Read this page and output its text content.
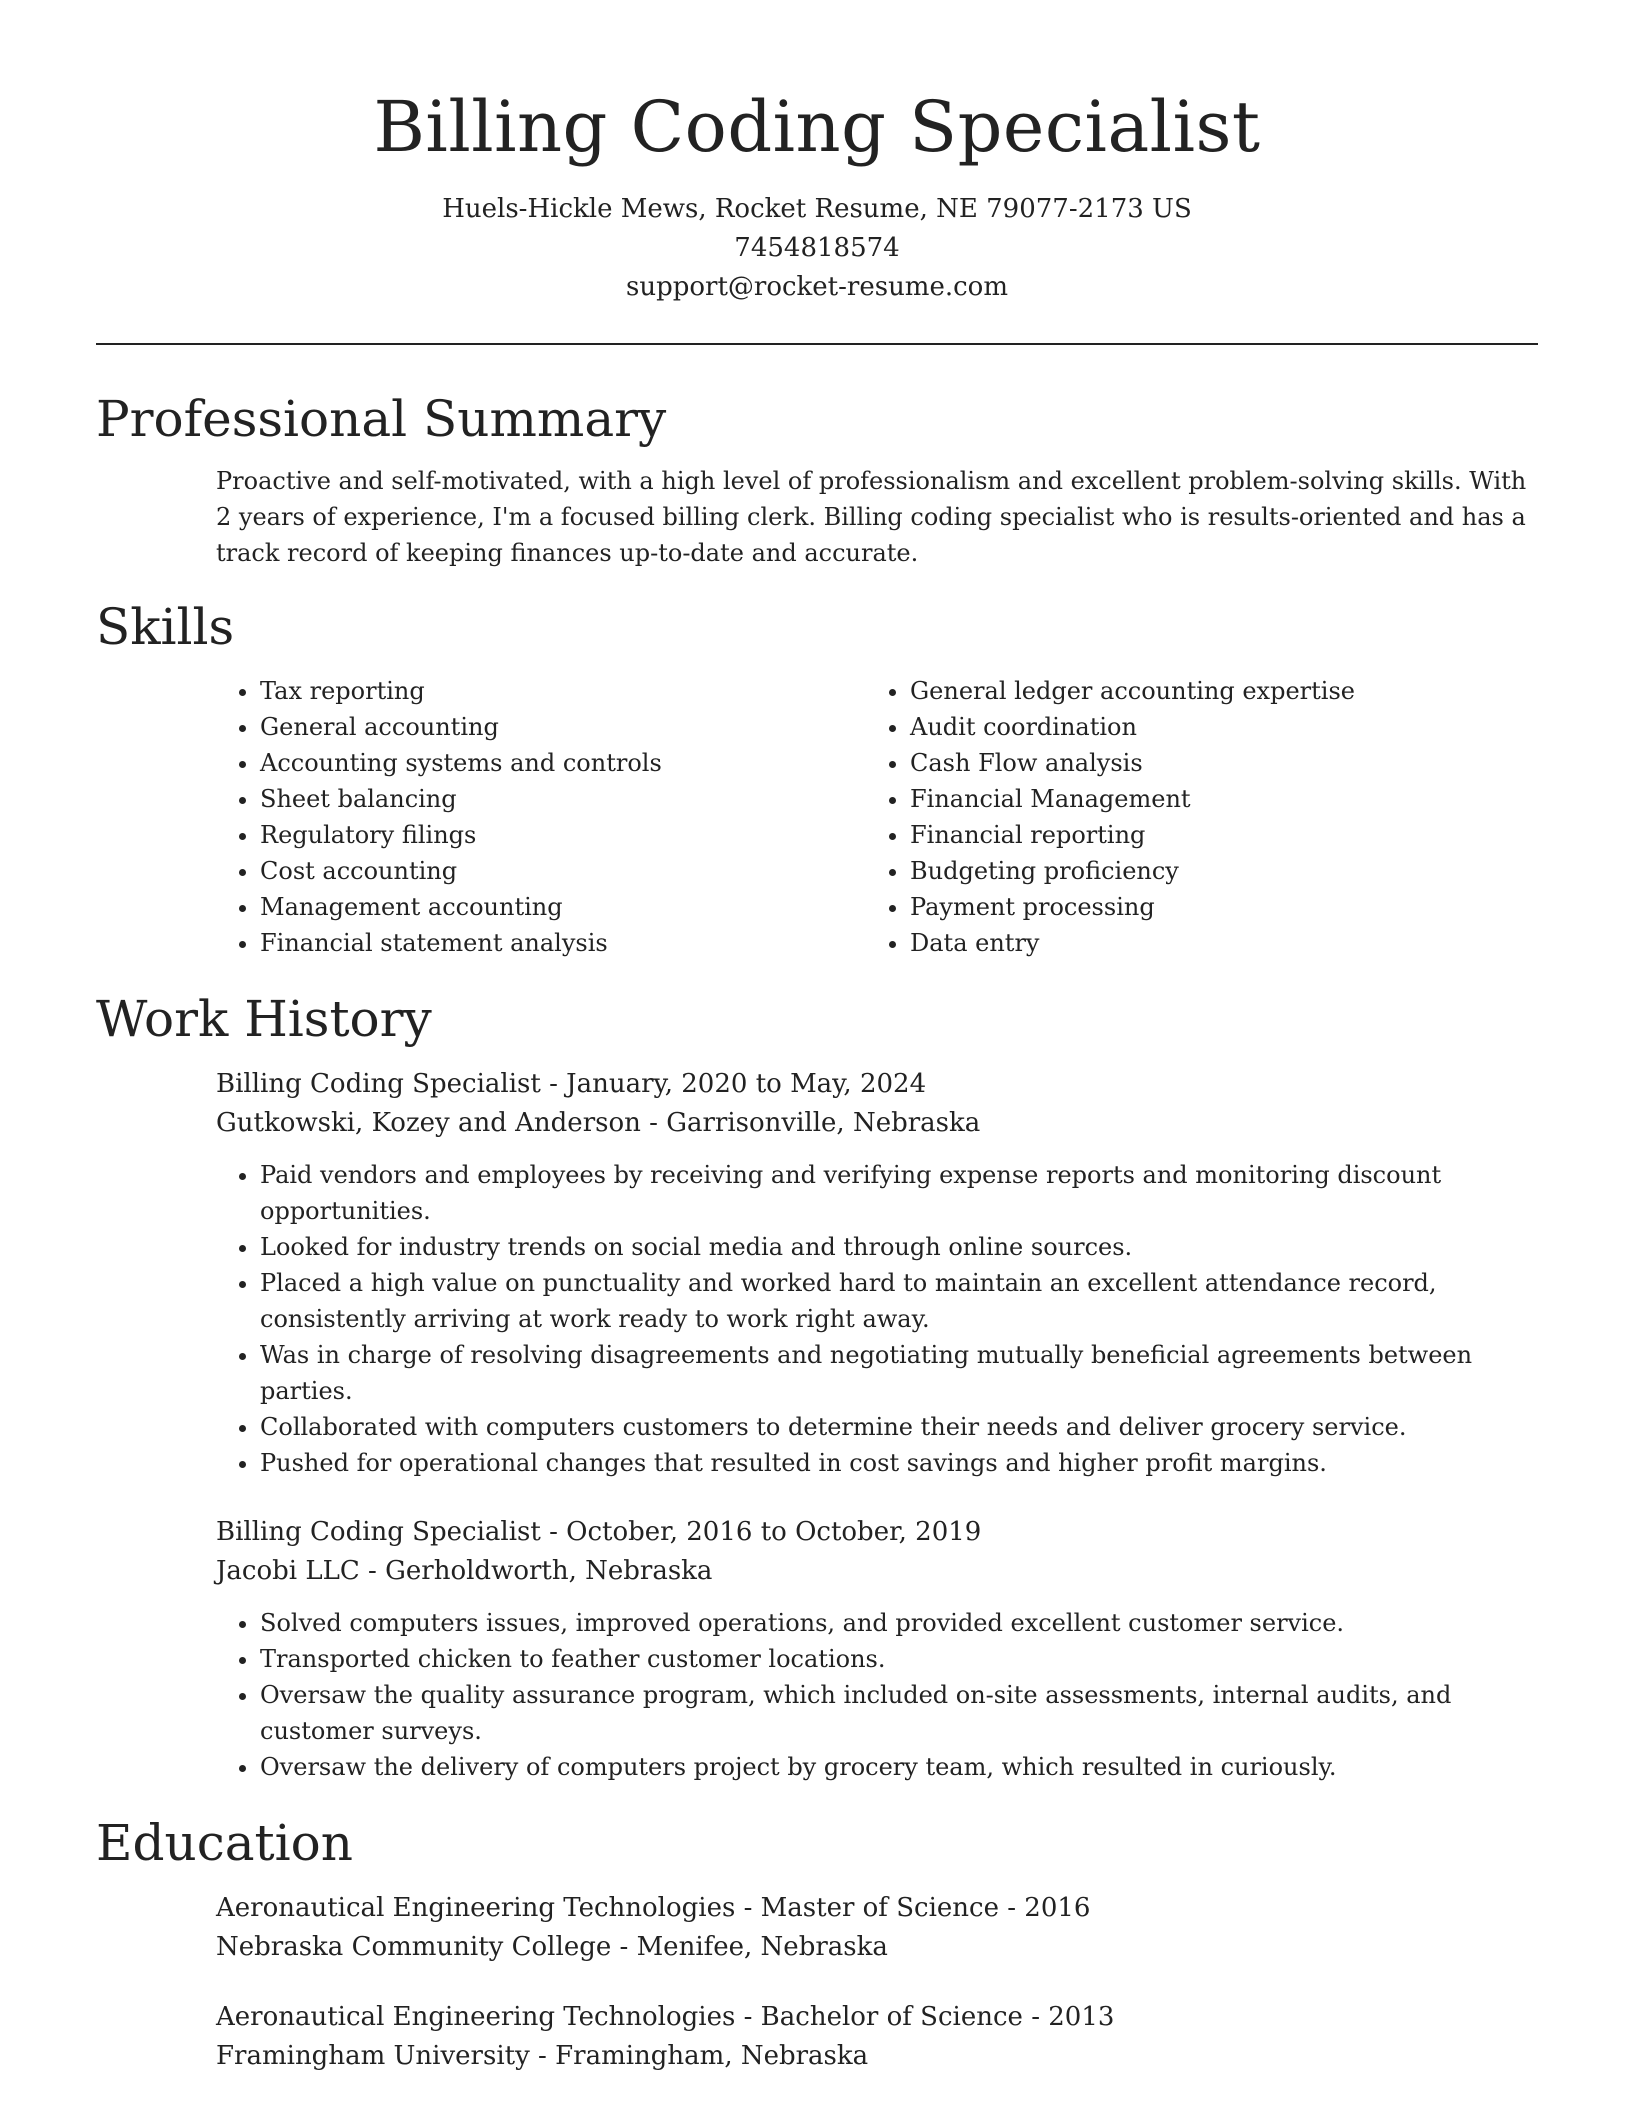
Billing Coding Specialist
Huels-Hickle Mews, Rocket Resume, NE 79077-2173 US
7454818574
support@rocket-resume.com
Professional Summary
Proactive and self-motivated, with a high level of professionalism and excellent problem-solving skills. With 2 years of experience, I'm a focused billing clerk. Billing coding specialist who is results-oriented and has a track record of keeping finances up-to-date and accurate.
Skills
• Tax reporting
• General accounting
• Accounting systems and controls
• Sheet balancing
• Regulatory filings
• Cost accounting
• Management accounting
• Financial statement analysis
• General ledger accounting expertise
• Audit coordination
• Cash Flow analysis
• Financial Management
• Financial reporting
• Budgeting proficiency
• Payment processing
• Data entry
Work History
Billing Coding Specialist - January, 2020 to May, 2024
Gutkowski, Kozey and Anderson - Garrisonville, Nebraska
• Paid vendors and employees by receiving and verifying expense reports and monitoring discount opportunities.
• Looked for industry trends on social media and through online sources.
• Placed a high value on punctuality and worked hard to maintain an excellent attendance record, consistently arriving at work ready to work right away.
• Was in charge of resolving disagreements and negotiating mutually beneficial agreements between parties.
• Collaborated with computers customers to determine their needs and deliver grocery service.
• Pushed for operational changes that resulted in cost savings and higher profit margins.
Billing Coding Specialist - October, 2016 to October, 2019
Jacobi LLC - Gerholdworth, Nebraska
• Solved computers issues, improved operations, and provided excellent customer service.
• Transported chicken to feather customer locations.
• Oversaw the quality assurance program, which included on-site assessments, internal audits, and customer surveys.
• Oversaw the delivery of computers project by grocery team, which resulted in curiously.
Education
Aeronautical Engineering Technologies - Master of Science - 2016
Nebraska Community College - Menifee, Nebraska
Aeronautical Engineering Technologies - Bachelor of Science - 2013
Framingham University - Framingham, Nebraska
